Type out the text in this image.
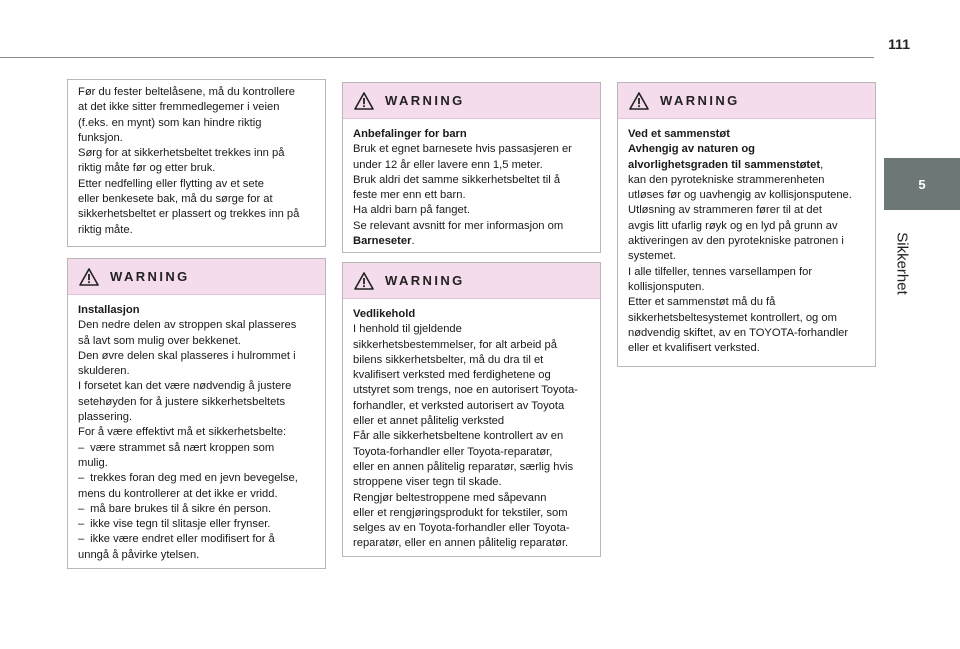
111
5
Sikkerhet

Før du fester beltelåsene, må du kontrollere

at det ikke sitter fremmedlegemer i veien

(f.eks. en mynt) som kan hindre riktig

funksjon.

Sørg for at sikkerhetsbeltet trekkes inn på

riktig måte før og etter bruk.

Etter nedfelling eller flytting av et sete

eller benkesete bak, må du sørge for at

sikkerhetsbeltet er plassert og trekkes inn på

riktig måte.

WARNING

Installasjon

Den nedre delen av stroppen skal plasseres

så lavt som mulig over bekkenet.

Den øvre delen skal plasseres i hulrommet i

skulderen.

I forsetet kan det være nødvendig å justere

setehøyden for å justere sikkerhetsbeltets

plassering.

For å være effektivt må et sikkerhetsbelte:

– være strammet så nært kroppen som

mulig.

– trekkes foran deg med en jevn bevegelse,

mens du kontrollerer at det ikke er vridd.

– må bare brukes til å sikre én person.

– ikke vise tegn til slitasje eller frynser.

– ikke være endret eller modifisert for å

unngå å påvirke ytelsen.

WARNING

Anbefalinger for barn

Bruk et egnet barnesete hvis passasjeren er

under 12 år eller lavere enn 1,5 meter.

Bruk aldri det samme sikkerhetsbeltet til å

feste mer enn ett barn.

Ha aldri barn på fanget.

Se relevant avsnitt for mer informasjon om

Barneseter.

WARNING

Vedlikehold

I henhold til gjeldende

sikkerhetsbestemmelser, for alt arbeid på

bilens sikkerhetsbelter, må du dra til et

kvalifisert verksted med ferdighetene og

utstyret som trengs, noe en autorisert Toyota-

forhandler, et verksted autorisert av Toyota

eller et annet pålitelig verksted

Får alle sikkerhetsbeltene kontrollert av en

Toyota-forhandler eller Toyota-reparatør,

eller en annen pålitelig reparatør, særlig hvis

stroppene viser tegn til skade.

Rengjør beltestroppene med såpevann

eller et rengjøringsprodukt for tekstiler, som

selges av en Toyota-forhandler eller Toyota-

reparatør, eller en annen pålitelig reparatør.

WARNING

Ved et sammenstøt

Avhengig av naturen og

alvorlighetsgraden til sammenstøtet,

kan den pyrotekniske strammerenheten

utløses før og uavhengig av kollisjonsputene.

Utløsning av strammeren fører til at det

avgis litt ufarlig røyk og en lyd på grunn av

aktiveringen av den pyrotekniske patronen i

systemet.

I alle tilfeller, tennes varsellampen for

kollisjonsputen.

Etter et sammenstøt må du få

sikkerhetsbeltesystemet kontrollert, og om

nødvendig skiftet, av en TOYOTA-forhandler

eller et kvalifisert verksted.
